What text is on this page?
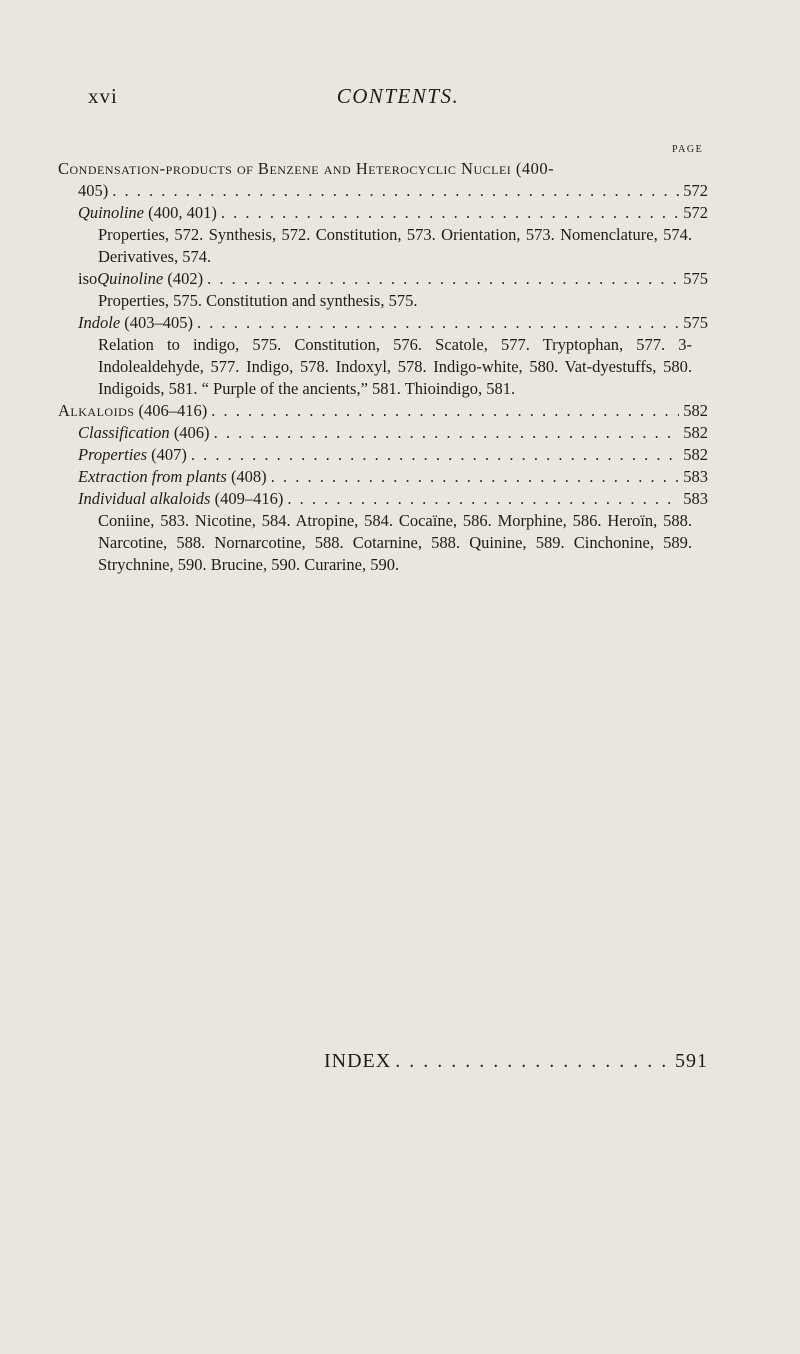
xvi	CONTENTS.
PAGE
Condensation-products of Benzene and Heterocyclic Nuclei (400-
405) . . .	572
Quinoline (400, 401) . . .	572
Properties, 572. Synthesis, 572. Constitution, 573. Orientation, 573. Nomenclature, 574. Derivatives, 574.
isoQuinoline (402) . . .	575
Properties, 575. Constitution and synthesis, 575.
Indole (403–405) . . .	575
Relation to indigo, 575. Constitution, 576. Scatole, 577. Tryptophan, 577. 3-Indolealdehyde, 577. Indigo, 578. Indoxyl, 578. Indigo-white, 580. Vat-dyestuffs, 580. Indigoids, 581. “ Purple of the ancients,” 581. Thioindigo, 581.
Alkaloids (406–416) . . .	582
Classification (406) . . .	582
Properties (407) . . .	582
Extraction from plants (408) . . .	583
Individual alkaloids (409–416) . . .	583
Coniine, 583. Nicotine, 584. Atropine, 584. Cocaïne, 586. Morphine, 586. Heroïn, 588. Narcotine, 588. Nornarcotine, 588. Cotarnine, 588. Quinine, 589. Cinchonine, 589. Strychnine, 590. Brucine, 590. Curarine, 590.
INDEX . . .	591
